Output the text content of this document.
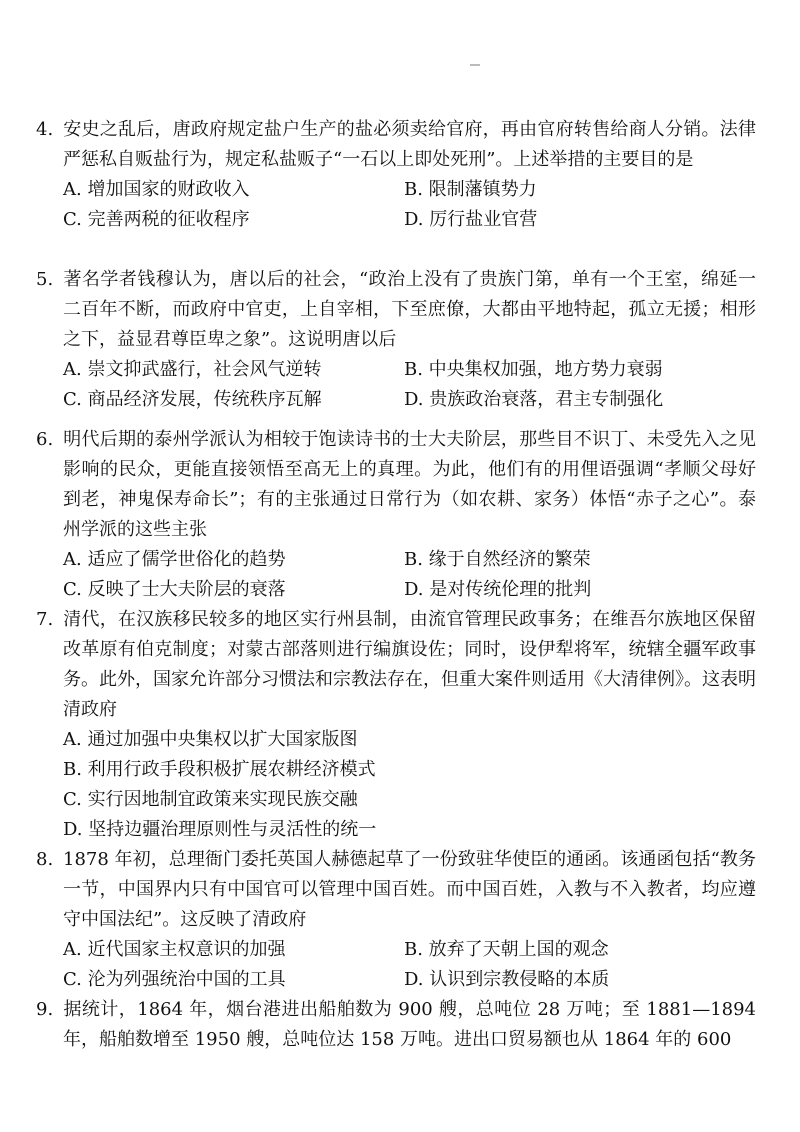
4. 安史之乱后，唐政府规定盐户生产的盐必须卖给官府，再由官府转售给商人分销。法律严惩私自贩盐行为，规定私盐贩子“一石以上即处死刑”。上述举措的主要目的是
A. 增加国家的财政收入	B. 限制藩镇势力
C. 完善两税的征收程序	D. 厉行盐业官营
5. 著名学者钱穆认为，唐以后的社会，“政治上没有了贵族门第，单有一个王室，绵延一二百年不断，而政府中官吏，上自宰相，下至庶僚，大都由平地特起，孤立无援；相形之下，益显君尊臣卑之象”。这说明唐以后
A. 崇文抑武盛行，社会风气逆转	B. 中央集权加强，地方势力衰弱
C. 商品经济发展，传统秩序瓦解	D. 贵族政治衰落，君主专制强化
6. 明代后期的泰州学派认为相较于饱读诗书的士大夫阶层，那些目不识丁、未受先入之见影响的民众，更能直接领悟至高无上的真理。为此，他们有的用俚语强调“孝顺父母好到老，神鬼保寿命长”；有的主张通过日常行为（如农耕、家务）体悟“赤子之心”。泰州学派的这些主张
A. 适应了儒学世俗化的趋势	B. 缘于自然经济的繁荣
C. 反映了士大夫阶层的衰落	D. 是对传统伦理的批判
7. 清代，在汉族移民较多的地区实行州县制，由流官管理民政事务；在维吾尔族地区保留改革原有伯克制度；对蒙古部落则进行编旗设佐；同时，设伊犁将军，统辖全疆军政事务。此外，国家允许部分习惯法和宗教法存在，但重大案件则适用《大清律例》。这表明清政府
A. 通过加强中央集权以扩大国家版图
B. 利用行政手段积极扩展农耕经济模式
C. 实行因地制宜政策来实现民族交融
D. 坚持边疆治理原则性与灵活性的统一
8. 1878 年初，总理衙门委托英国人赫德起草了一份致驻华使臣的通函。该通函包括“教务一节，中国界内只有中国官可以管理中国百姓。而中国百姓，入教与不入教者，均应遵守中国法纪”。这反映了清政府
A. 近代国家主权意识的加强	B. 放弃了天朝上国的观念
C. 沦为列强统治中国的工具	D. 认识到宗教侵略的本质
9. 据统计，1864 年，烟台港进出船舶数为 900 艘，总吨位 28 万吨；至 1881—1894 年，船舶数增至 1950 艘，总吨位达 158 万吨。进出口贸易额也从 1864 年的 600
